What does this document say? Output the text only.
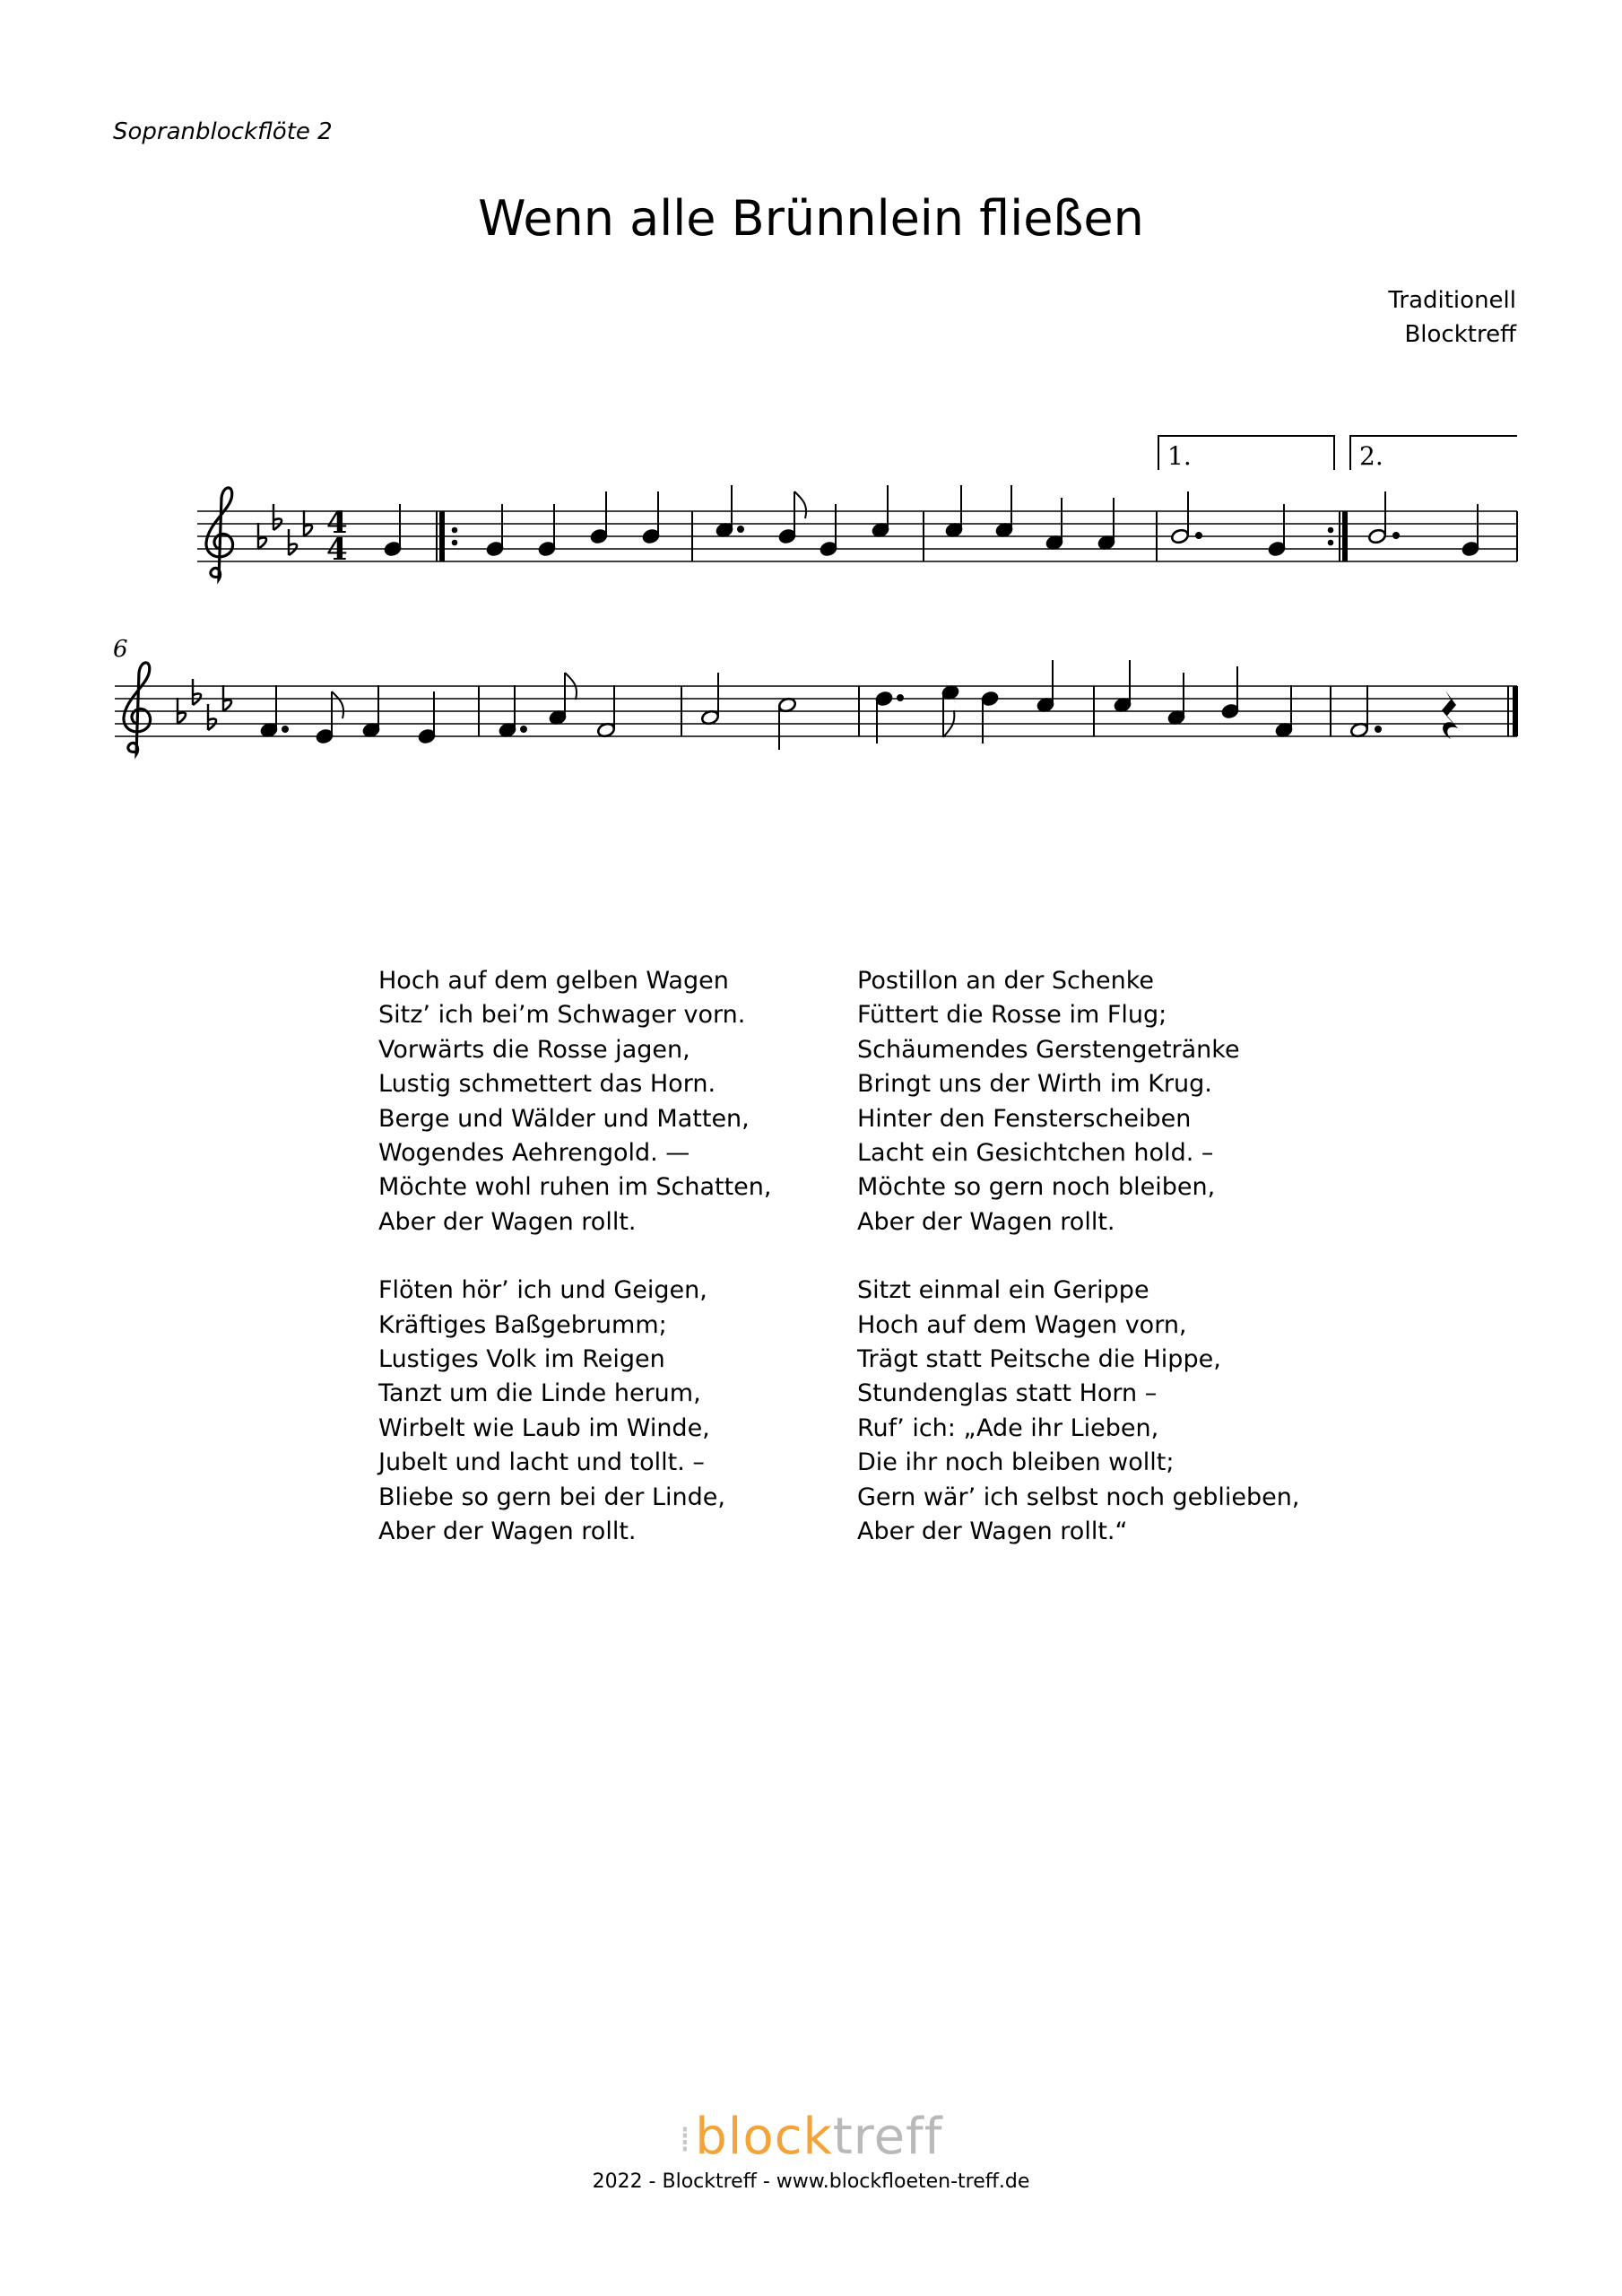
Sopranblockflöte 2
Wenn alle Brünnlein fließen
Traditionell
Blocktreff
4
4
1.	2.
6
Hoch auf dem gelben Wagen
Sitz’ ich bei’m Schwager vorn.
Vorwärts die Rosse jagen,
Lustig schmettert das Horn.
Berge und Wälder und Matten,
Wogendes Aehrengold. —
Möchte wohl ruhen im Schatten,
Aber der Wagen rollt.
Flöten hör’ ich und Geigen,
Kräftiges Baßgebrumm;
Lustiges Volk im Reigen
Tanzt um die Linde herum,
Wirbelt wie Laub im Winde,
Jubelt und lacht und tollt. –
Bliebe so gern bei der Linde,
Aber der Wagen rollt.
Postillon an der Schenke
Füttert die Rosse im Flug;
Schäumendes Gerstengetränke
Bringt uns der Wirth im Krug.
Hinter den Fensterscheiben
Lacht ein Gesichtchen hold. –
Möchte so gern noch bleiben,
Aber der Wagen rollt.
Sitzt einmal ein Gerippe
Hoch auf dem Wagen vorn,
Trägt statt Peitsche die Hippe,
Stundenglas statt Horn –
Ruf’ ich: „Ade ihr Lieben,
Die ihr noch bleiben wollt;
Gern wär’ ich selbst noch geblieben,
Aber der Wagen rollt.“
⁞blocktreff
2022 - Blocktreff - www.blockfloeten-treff.de
